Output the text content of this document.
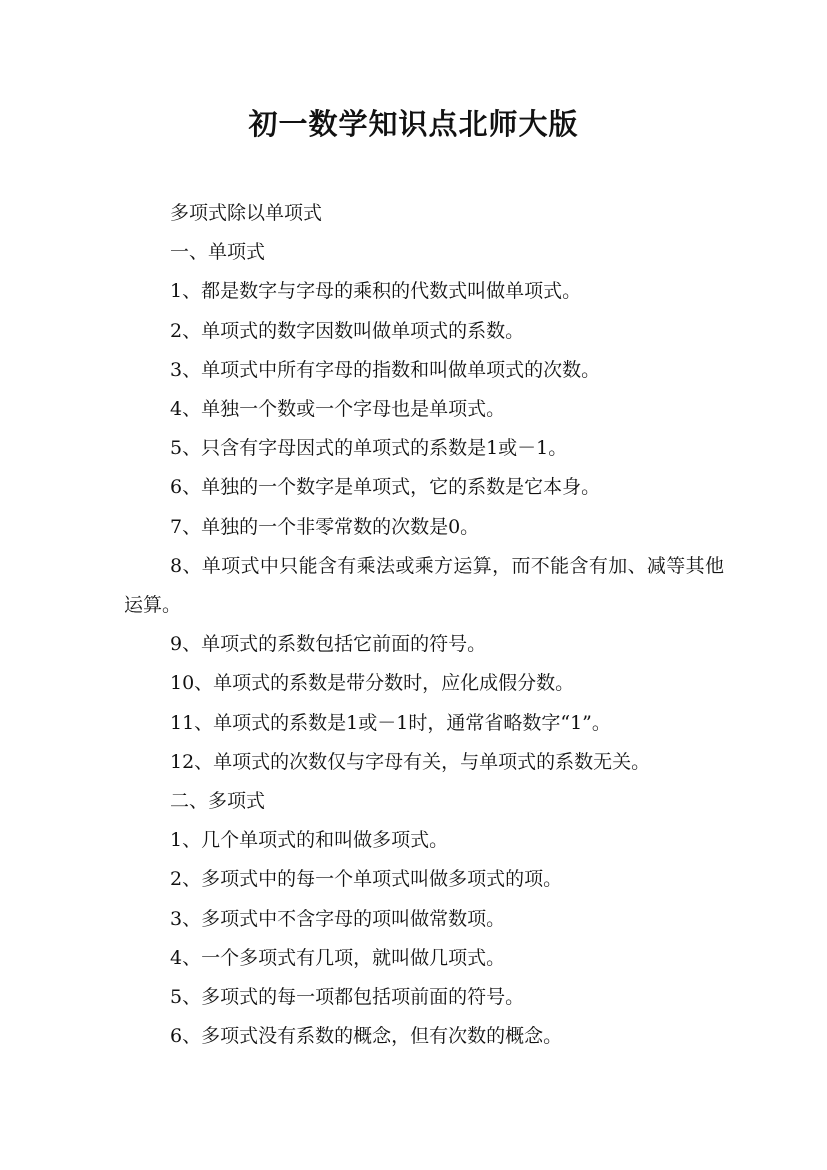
初一数学知识点北师大版

多项式除以单项式

一、单项式

1、都是数字与字母的乘积的代数式叫做单项式。

2、单项式的数字因数叫做单项式的系数。

3、单项式中所有字母的指数和叫做单项式的次数。

4、单独一个数或一个字母也是单项式。

5、只含有字母因式的单项式的系数是1或－1。

6、单独的一个数字是单项式，它的系数是它本身。

7、单独的一个非零常数的次数是0。

8、单项式中只能含有乘法或乘方运算，而不能含有加、减等其他运算。

9、单项式的系数包括它前面的符号。

10、单项式的系数是带分数时，应化成假分数。

11、单项式的系数是1或－1时，通常省略数字“1”。

12、单项式的次数仅与字母有关，与单项式的系数无关。

二、多项式

1、几个单项式的和叫做多项式。

2、多项式中的每一个单项式叫做多项式的项。

3、多项式中不含字母的项叫做常数项。

4、一个多项式有几项，就叫做几项式。

5、多项式的每一项都包括项前面的符号。

6、多项式没有系数的概念，但有次数的概念。
